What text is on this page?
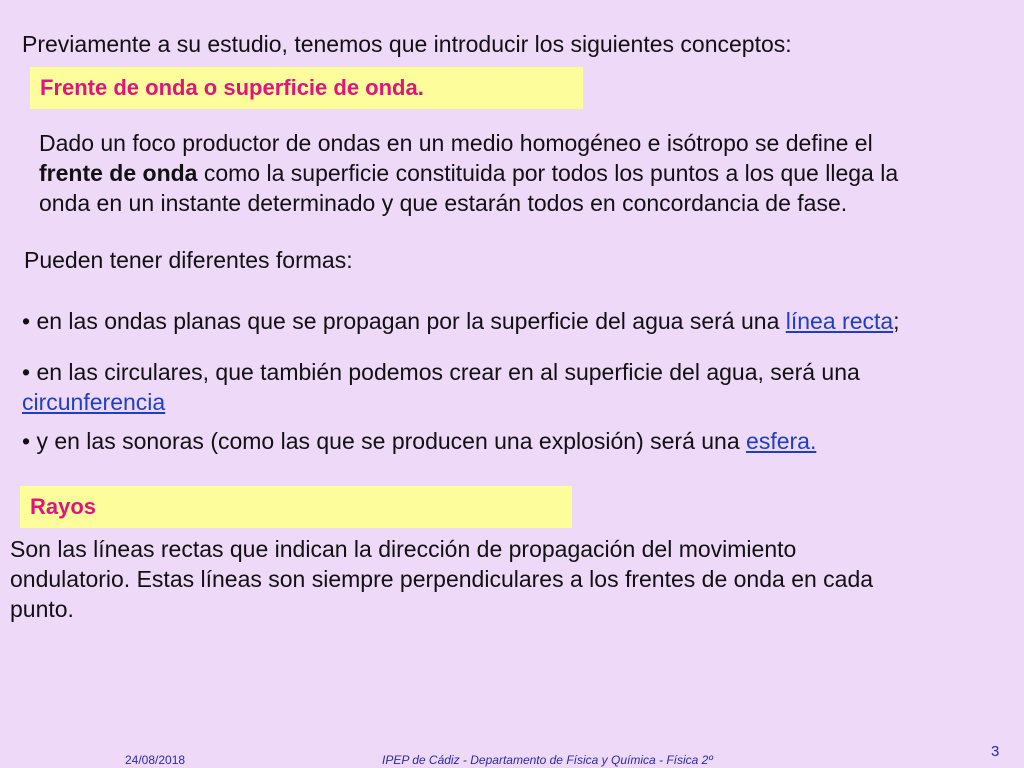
Previamente a su estudio, tenemos que introducir los siguientes conceptos:
Frente de onda o superficie de onda.
Dado un foco productor de ondas en un medio homogéneo e isótropo se define el
frente de onda como la superficie constituida por todos los puntos a los que llega la
onda en un instante determinado y que estarán todos en concordancia de fase.
Pueden tener diferentes formas:
• en las ondas planas que se propagan por la superficie del agua será una línea recta;
• en las circulares, que también podemos crear en al superficie del agua, será una
circunferencia
• y en las sonoras (como las que se producen una explosión) será una esfera.
Rayos
Son las líneas rectas que indican la dirección de propagación del movimiento
ondulatorio. Estas líneas son siempre perpendiculares a los frentes de onda en cada
punto.
24/08/2018	IPEP de Cádiz - Departamento de Física y Química - Física 2º	3
